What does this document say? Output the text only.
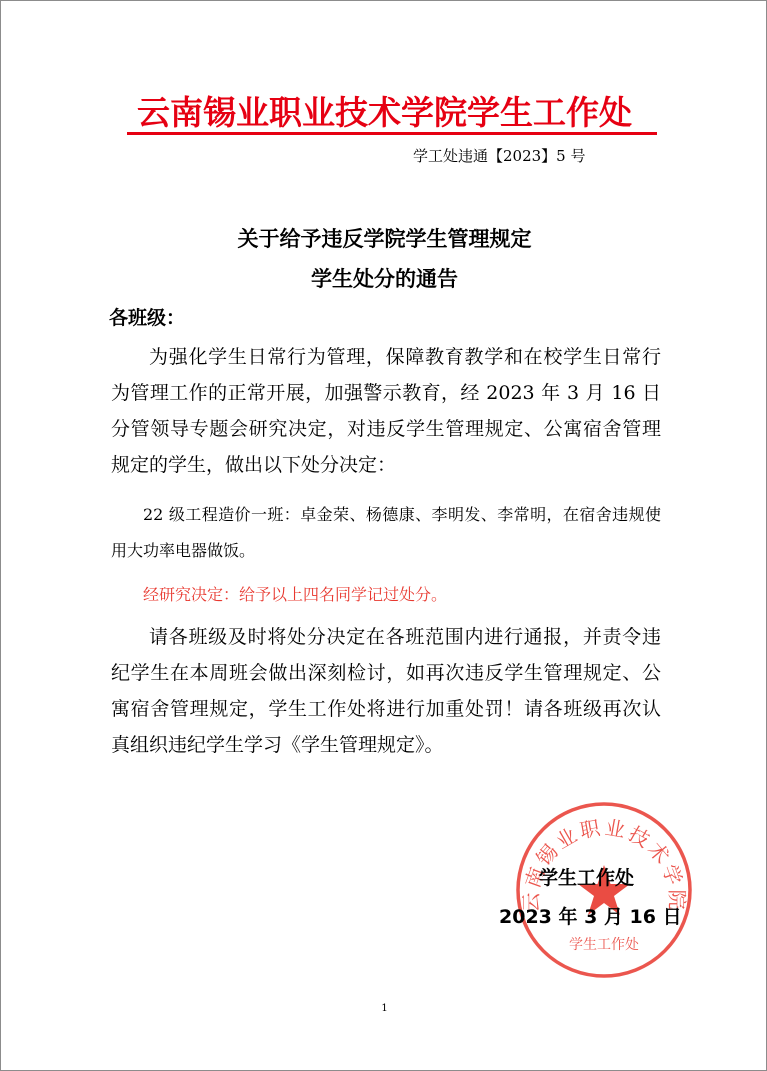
云南锡业职业技术学院学生工作处
学工处违通【2023】5 号
关于给予违反学院学生管理规定
学生处分的通告
各班级：
为强化学生日常行为管理，保障教育教学和在校学生日常行为管理工作的正常开展，加强警示教育，经 2023 年 3 月 16 日分管领导专题会研究决定，对违反学生管理规定、公寓宿舍管理规定的学生，做出以下处分决定：
22 级工程造价一班：卓金荣、杨德康、李明发、李常明，在宿舍违规使用大功率电器做饭。
经研究决定：给予以上四名同学记过处分。
请各班级及时将处分决定在各班范围内进行通报，并责令违纪学生在本周班会做出深刻检讨，如再次违反学生管理规定、公寓宿舍管理规定，学生工作处将进行加重处罚！请各班级再次认真组织违纪学生学习《学生管理规定》。
云南锡业职业技术学院
学生工作处
学生工作处
2023 年 3 月 16 日
1
